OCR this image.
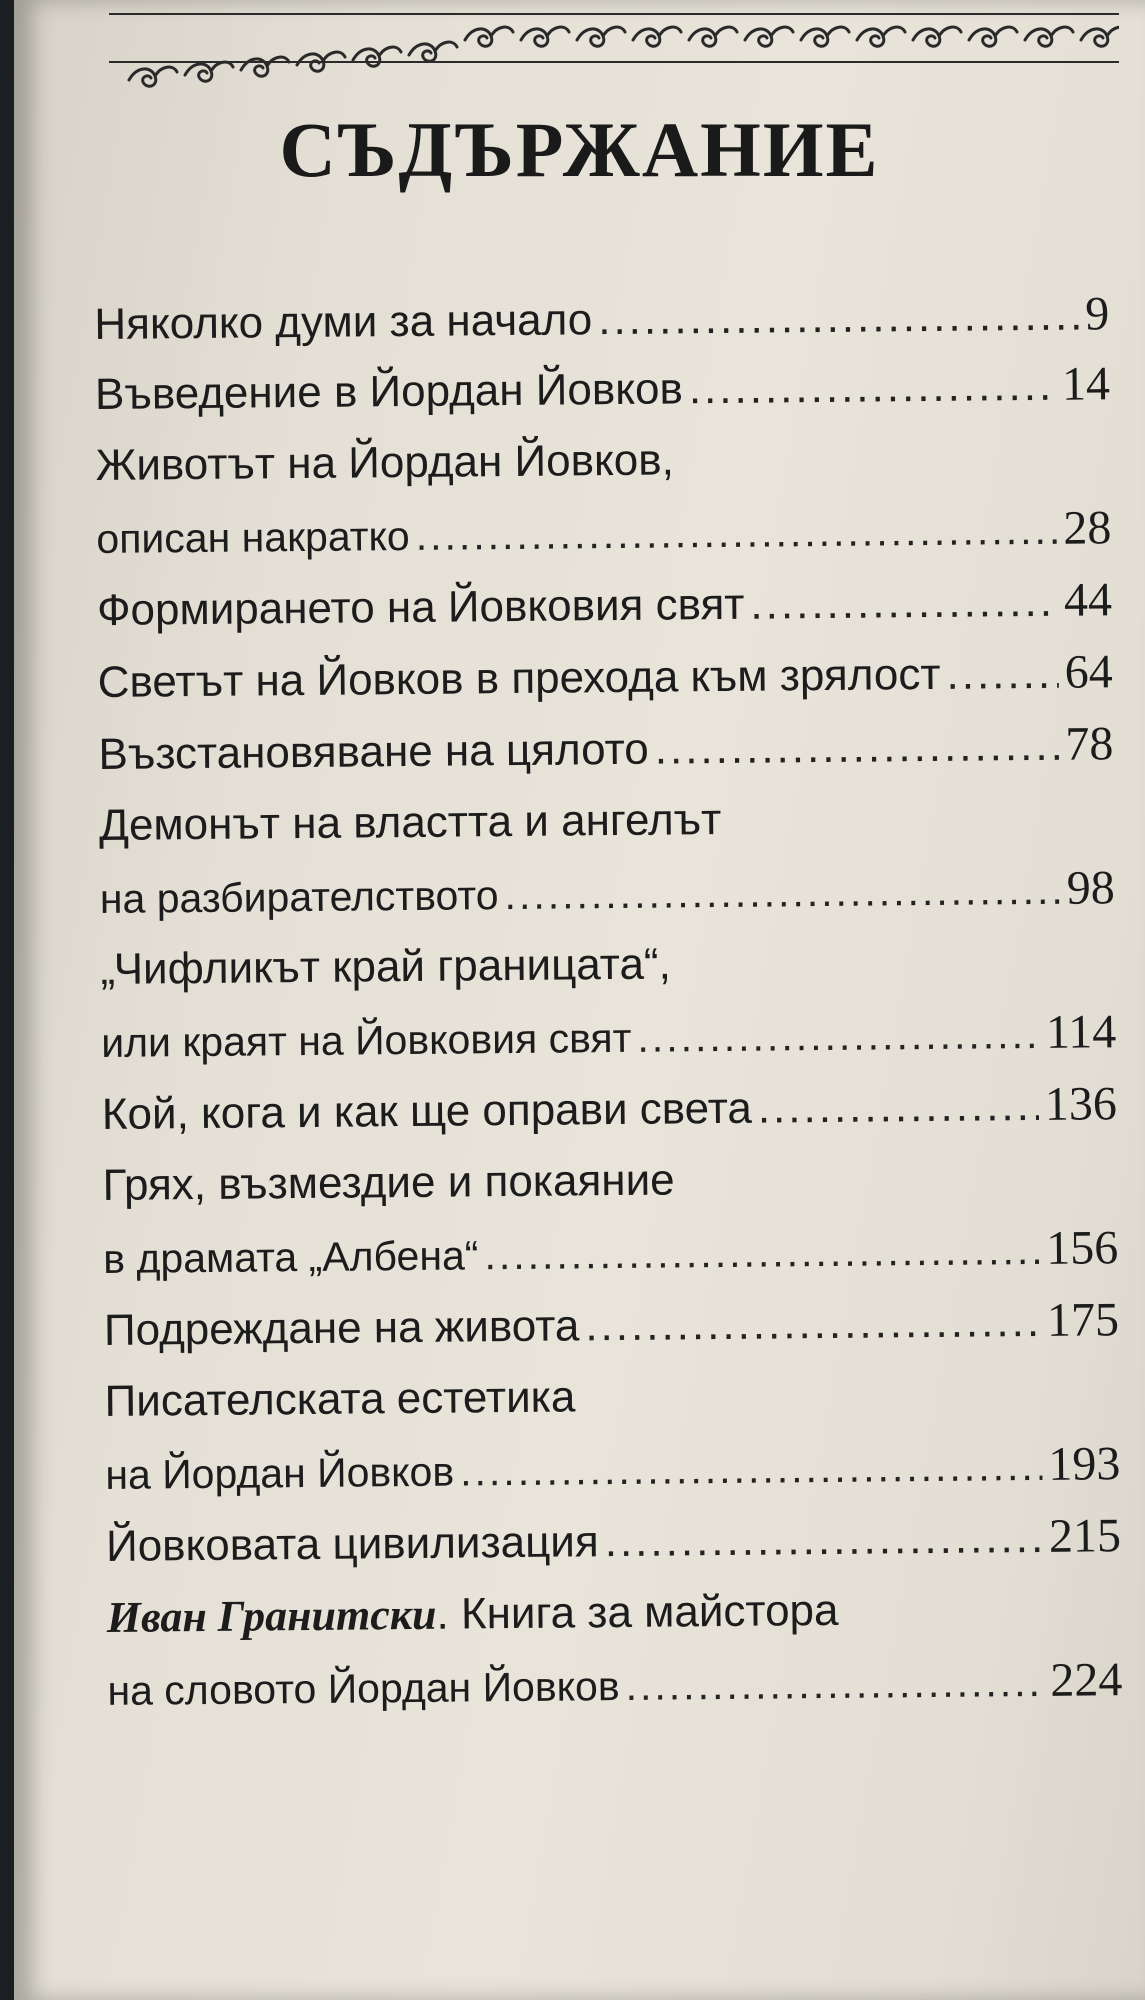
СЪДЪРЖАНИЕ
Няколко думи за начало .....	9
Въведение в Йордан Йовков .....	14
Животът на Йордан Йовков,
описан накратко .....	28
Формирането на Йовковия свят .....	44
Светът на Йовков в прехода към зрялост .....	64
Възстановяване на цялото .....	78
Демонът на властта и ангелът
на разбирателството .....	98
„Чифликът край границата“,
или краят на Йовковия свят .....	114
Кой, кога и как ще оправи света .....	136
Грях, възмездие и покаяние
в драмата „Албена“ .....	156
Подреждане на живота .....	175
Писателската естетика
на Йордан Йовков .....	193
Йовковата цивилизация .....	215
Иван Гранитски . Книга за майстора
на словото Йордан Йовков .....	224
